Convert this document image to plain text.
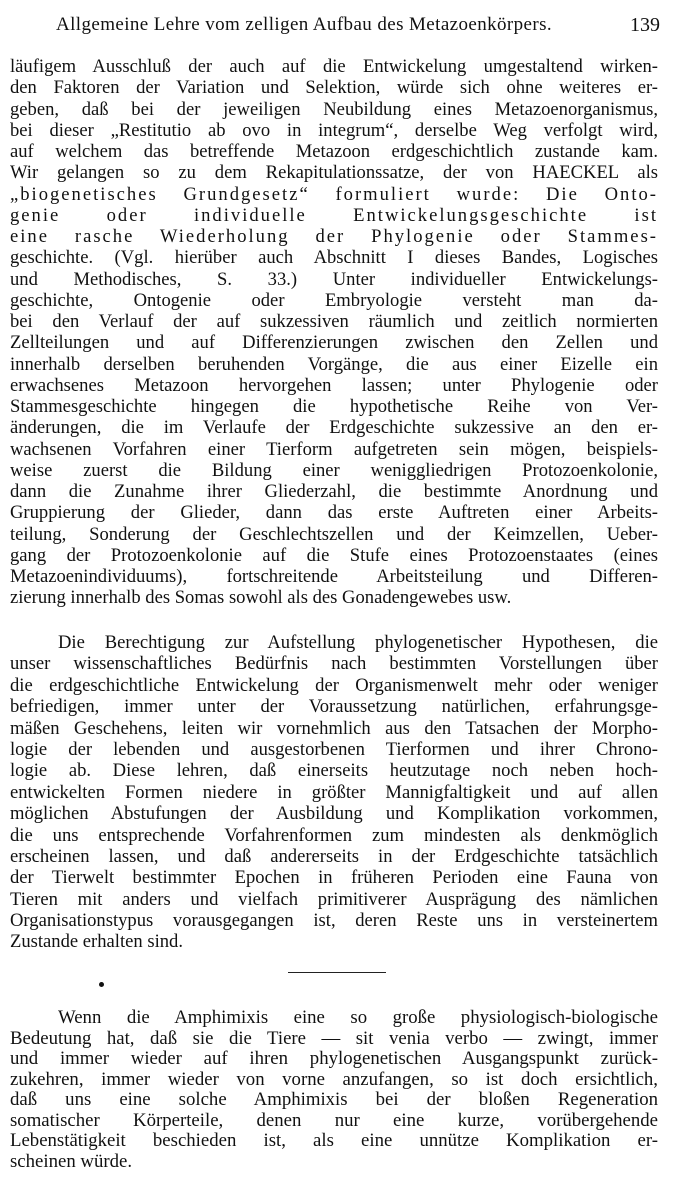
Allgemeine Lehre vom zelligen Aufbau des Metazoenkörpers.	139
läufigem Ausschluß der auch auf die Entwickelung umgestaltend wirken-
den Faktoren der Variation und Selektion, würde sich ohne weiteres er-
geben, daß bei der jeweiligen Neubildung eines Metazoenorganismus,
bei dieser „Restitutio ab ovo in integrum“, derselbe Weg verfolgt wird,
auf welchem das betreffende Metazoon erdgeschichtlich zustande kam.
Wir gelangen so zu dem Rekapitulationssatze, der von HAECKEL als
„biogenetisches Grundgesetz“ formuliert wurde: Die Onto-
genie oder individuelle Entwickelungsgeschichte ist
eine rasche Wiederholung der Phylogenie oder Stammes-
geschichte. (Vgl. hierüber auch Abschnitt I dieses Bandes, Logisches
und Methodisches, S. 33.) Unter individueller Entwickelungs-
geschichte, Ontogenie oder Embryologie versteht man da-
bei den Verlauf der auf sukzessiven räumlich und zeitlich normierten
Zellteilungen und auf Differenzierungen zwischen den Zellen und
innerhalb derselben beruhenden Vorgänge, die aus einer Eizelle ein
erwachsenes Metazoon hervorgehen lassen; unter Phylogenie oder
Stammesgeschichte hingegen die hypothetische Reihe von Ver-
änderungen, die im Verlaufe der Erdgeschichte sukzessive an den er-
wachsenen Vorfahren einer Tierform aufgetreten sein mögen, beispiels-
weise zuerst die Bildung einer weniggliedrigen Protozoenkolonie,
dann die Zunahme ihrer Gliederzahl, die bestimmte Anordnung und
Gruppierung der Glieder, dann das erste Auftreten einer Arbeits-
teilung, Sonderung der Geschlechtszellen und der Keimzellen, Ueber-
gang der Protozoenkolonie auf die Stufe eines Protozoenstaates (eines
Metazoenindividuums), fortschreitende Arbeitsteilung und Differen-
zierung innerhalb des Somas sowohl als des Gonadengewebes usw.
Die Berechtigung zur Aufstellung phylogenetischer Hypothesen, die
unser wissenschaftliches Bedürfnis nach bestimmten Vorstellungen über
die erdgeschichtliche Entwickelung der Organismenwelt mehr oder weniger
befriedigen, immer unter der Voraussetzung natürlichen, erfahrungsge-
mäßen Geschehens, leiten wir vornehmlich aus den Tatsachen der Morpho-
logie der lebenden und ausgestorbenen Tierformen und ihrer Chrono-
logie ab. Diese lehren, daß einerseits heutzutage noch neben hoch-
entwickelten Formen niedere in größter Mannigfaltigkeit und auf allen
möglichen Abstufungen der Ausbildung und Komplikation vorkommen,
die uns entsprechende Vorfahrenformen zum mindesten als denkmöglich
erscheinen lassen, und daß andererseits in der Erdgeschichte tatsächlich
der Tierwelt bestimmter Epochen in früheren Perioden eine Fauna von
Tieren mit anders und vielfach primitiverer Ausprägung des nämlichen
Organisationstypus vorausgegangen ist, deren Reste uns in versteinertem
Zustande erhalten sind.
Wenn die Amphimixis eine so große physiologisch-biologische
Bedeutung hat, daß sie die Tiere — sit venia verbo — zwingt, immer
und immer wieder auf ihren phylogenetischen Ausgangspunkt zurück-
zukehren, immer wieder von vorne anzufangen, so ist doch ersichtlich,
daß uns eine solche Amphimixis bei der bloßen Regeneration
somatischer Körperteile, denen nur eine kurze, vorübergehende
Lebenstätigkeit beschieden ist, als eine unnütze Komplikation er-
scheinen würde.
